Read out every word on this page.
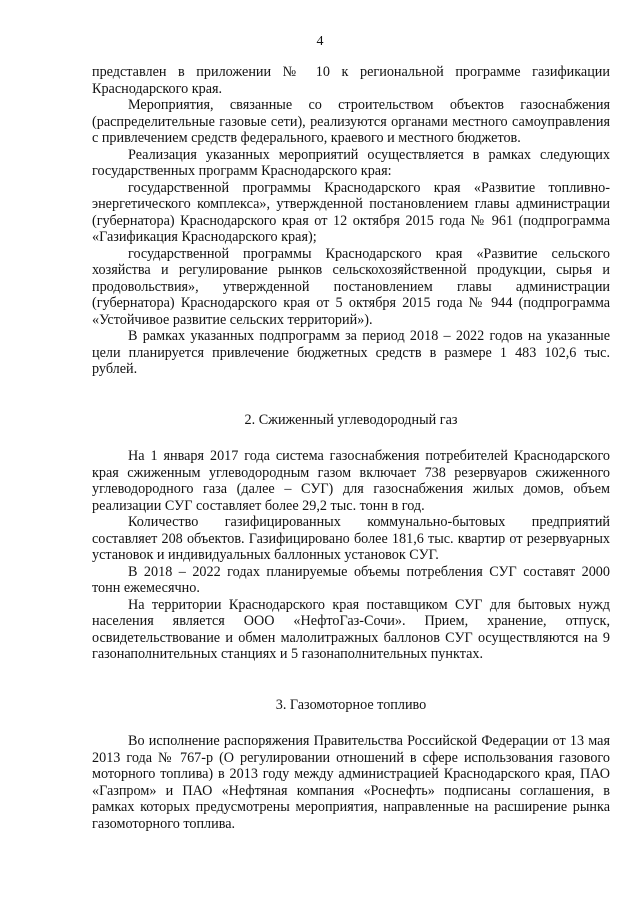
4

представлен в приложении № 10 к региональной программе газификации Краснодарского края.

Мероприятия, связанные со строительством объектов газоснабжения (распределительные газовые сети), реализуются органами местного самоуправления с привлечением средств федерального, краевого и местного бюджетов.

Реализация указанных мероприятий осуществляется в рамках следующих государственных программ Краснодарского края:

государственной программы Краснодарского края «Развитие топливно-энергетического комплекса», утвержденной постановлением главы администрации (губернатора) Краснодарского края от 12 октября 2015 года № 961 (подпрограмма «Газификация Краснодарского края);

государственной программы Краснодарского края «Развитие сельского хозяйства и регулирование рынков сельскохозяйственной продукции, сырья и продовольствия», утвержденной постановлением главы администрации (губернатора) Краснодарского края от 5 октября 2015 года № 944 (подпрограмма «Устойчивое развитие сельских территорий»).

В рамках указанных подпрограмм за период 2018 – 2022 годов на указанные цели планируется привлечение бюджетных средств в размере 1 483 102,6 тыс. рублей.

2. Сжиженный углеводородный газ

На 1 января 2017 года система газоснабжения потребителей Краснодарского края сжиженным углеводородным газом включает 738 резервуаров сжиженного углеводородного газа (далее – СУГ) для газоснабжения жилых домов, объем реализации СУГ составляет более 29,2 тыс. тонн в год.

Количество газифицированных коммунально-бытовых предприятий составляет 208 объектов. Газифицировано более 181,6 тыс. квартир от резервуарных установок и индивидуальных баллонных установок СУГ.

В 2018 – 2022 годах планируемые объемы потребления СУГ составят 2000 тонн ежемесячно.

На территории Краснодарского края поставщиком СУГ для бытовых нужд населения является ООО «НефтоГаз-Сочи». Прием, хранение, отпуск, освидетельствование и обмен малолитражных баллонов СУГ осуществляются на 9 газонаполнительных станциях и 5 газонаполнительных пунктах.

3. Газомоторное топливо

Во исполнение распоряжения Правительства Российской Федерации от 13 мая 2013 года № 767-р (О регулировании отношений в сфере использования газового моторного топлива) в 2013 году между администрацией Краснодарского края, ПАО «Газпром» и ПАО «Нефтяная компания «Роснефть» подписаны соглашения, в рамках которых предусмотрены мероприятия, направленные на расширение рынка газомоторного топлива.
